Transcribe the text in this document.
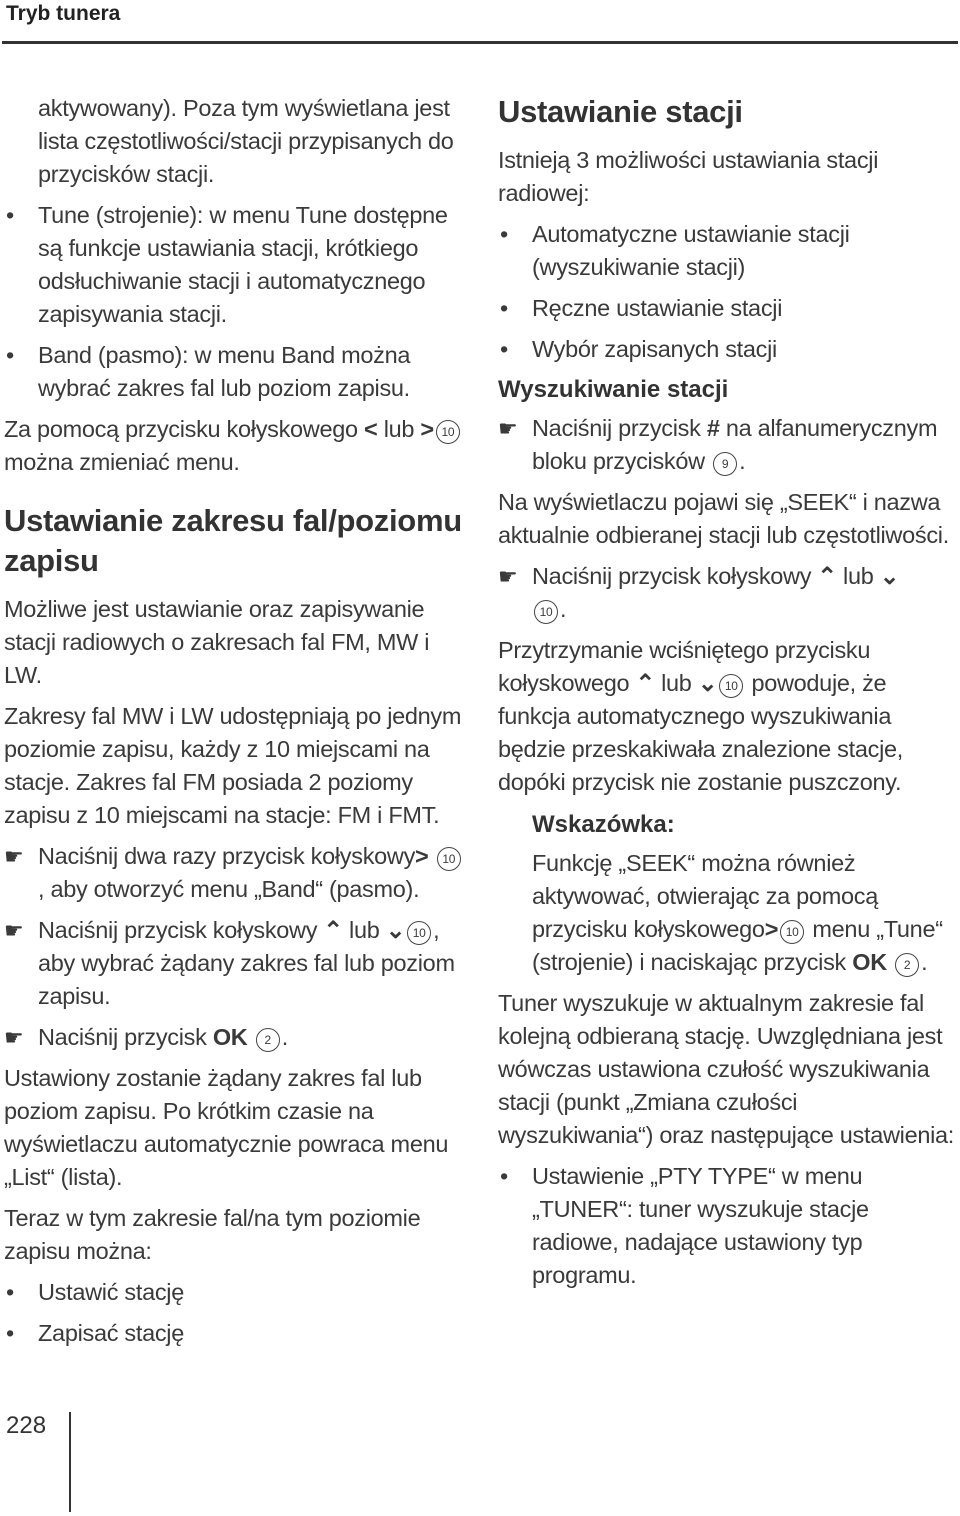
Tryb tunera

aktywowany). Poza tym wyświetlana jest lista częstotliwości/stacji przypisanych do przycisków stacji.

• Tune (strojenie): w menu Tune dostępne są funkcje ustawiania stacji, krótkiego odsłuchiwanie stacji i automatycznego zapisywania stacji.
• Band (pasmo): w menu Band można wybrać zakres fal lub poziom zapisu.

Za pomocą przycisku kołyskowego < lub > 10 można zmieniać menu.

Ustawianie zakresu fal/poziomu zapisu

Możliwe jest ustawianie oraz zapisywanie stacji radiowych o zakresach fal FM, MW i LW.

Zakresy fal MW i LW udostępniają po jednym poziomie zapisu, każdy z 10 miejscami na stacje. Zakres fal FM posiada 2 poziomy zapisu z 10 miejscami na stacje: FM i FMT.

☛ Naciśnij dwa razy przycisk kołyskowy> 10, aby otworzyć menu „Band“ (pasmo).
☛ Naciśnij przycisk kołyskowy ⌃ lub ⌄ 10 , aby wybrać żądany zakres fal lub poziom zapisu.
☛ Naciśnij przycisk OK 2 .

Ustawiony zostanie żądany zakres fal lub poziom zapisu. Po krótkim czasie na wyświetlaczu automatycznie powraca menu „List“ (lista).

Teraz w tym zakresie fal/na tym poziomie zapisu można:

• Ustawić stację
• Zapisać stację
Ustawianie stacji

Istnieją 3 możliwości ustawiania stacji radiowej:

• Automatyczne ustawianie stacji (wyszukiwanie stacji)
• Ręczne ustawianie stacji
• Wybór zapisanych stacji
Wyszukiwanie stacji
☛ Naciśnij przycisk # na alfanumerycznym bloku przycisków 9 .

Na wyświetlaczu pojawi się „SEEK“ i nazwa aktualnie odbieranej stacji lub częstotliwości.

☛ Naciśnij przycisk kołyskowy ⌃ lub ⌄
10 .

Przytrzymanie wciśniętego przycisku kołyskowego ⌃ lub ⌄ 10 powoduje, że funkcja automatycznego wyszukiwania będzie przeskakiwała znalezione stacje, dopóki przycisk nie zostanie puszczony.

Wskazówka:

Funkcję „SEEK“ można również aktywować, otwierając za pomocą przycisku kołyskowego> 10 menu „Tune“ (strojenie) i naciskając przycisk OK 2 .

Tuner wyszukuje w aktualnym zakresie fal kolejną odbieraną stację. Uwzględniana jest wówczas ustawiona czułość wyszukiwania stacji (punkt „Zmiana czułości wyszukiwania“) oraz następujące ustawienia:

• Ustawienie „PTY TYPE“ w menu „TUNER“: tuner wyszukuje stacje radiowe, nadające ustawiony typ programu.
228
